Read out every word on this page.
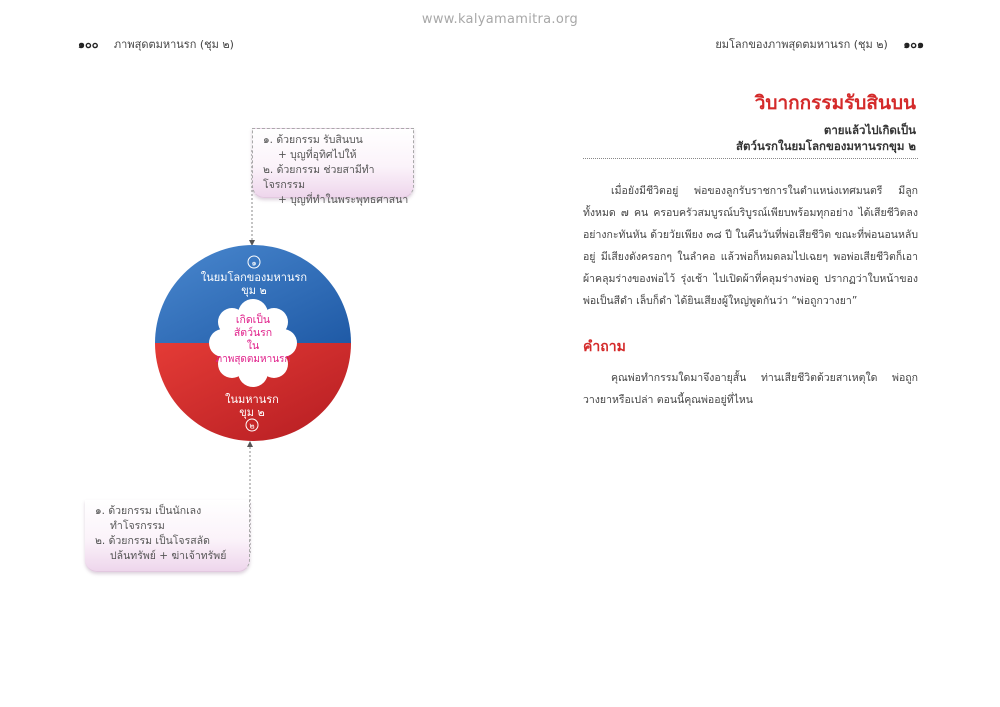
www.kalyamamitra.org
๑๐๐ ภาพสุดตมหานรก (ชุม ๒)	ยมโลกของภาพสุดตมหานรก (ชุม ๒) ๑๐๑
๑
ในยมโลกของมหานรก
ขุม ๒
เกิดเป็น
สัตว์นรก
ใน
ภาพสุดตมหานรก
ในมหานรก
ขุม ๒
๒
๑. ด้วยกรรม รับสินบน

+ บุญที่อุทิศไปให้
๒. ด้วยกรรม ช่วยสามีทำโจรกรรม

+ บุญที่ทำในพระพุทธศาสนา
๑. ด้วยกรรม เป็นนักเลง

ทำโจรกรรม
๒. ด้วยกรรม เป็นโจรสลัด

ปล้นทรัพย์ + ฆ่าเจ้าทรัพย์
วิบากกรรมรับสินบน
ตายแล้วไปเกิดเป็น
สัตว์นรกในยมโลกของมหานรกขุม ๒

เมื่อยังมีชีวิตอยู่ พ่อของลูกรับราชการในตำแหน่งเทศมนตรี มีลูกทั้งหมด ๗ คน ครอบครัวสมบูรณ์บริบูรณ์เพียบพร้อมทุกอย่าง ได้เสียชีวิตลงอย่างกะทันหัน ด้วยวัยเพียง ๓๘ ปี ในคืนวันที่พ่อเสียชีวิต ขณะที่พ่อนอนหลับอยู่ มีเสียงดังครอกๆ ในลำคอ แล้วพ่อก็หมดลมไปเฉยๆ พอพ่อเสียชีวิตก็เอาผ้าคลุมร่างของพ่อไว้ รุ่งเช้า ไปเปิดผ้าที่คลุมร่างพ่อดู ปรากฏว่าใบหน้าของพ่อเป็นสีดำ เล็บก็ดำ ได้ยินเสียงผู้ใหญ่พูดกันว่า “พ่อถูกวางยา”

คำถาม

คุณพ่อทำกรรมใดมาจึงอายุสั้น ท่านเสียชีวิตด้วยสาเหตุใด พ่อถูกวางยาหรือเปล่า ตอนนี้คุณพ่ออยู่ที่ไหน
